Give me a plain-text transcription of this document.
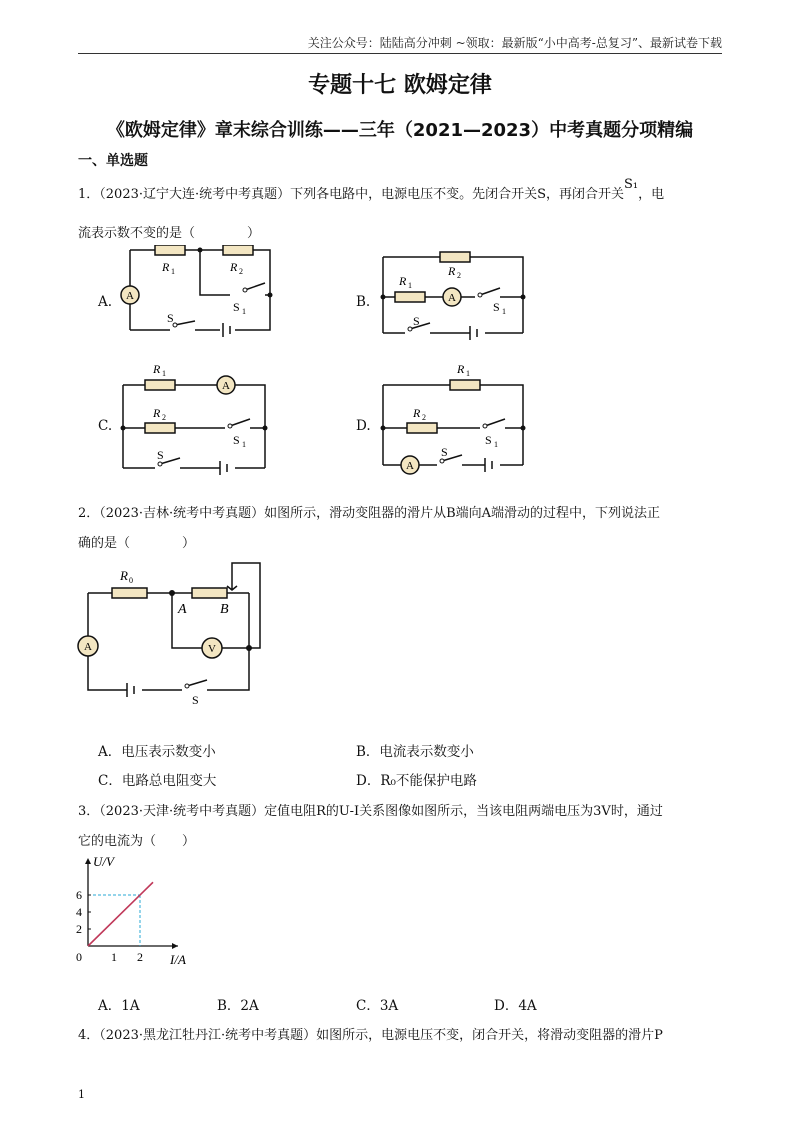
关注公众号：陆陆高分冲刺 ~领取：最新版“小中高考-总复习”、最新试卷下载
专题十七 欧姆定律
《欧姆定律》章末综合训练——三年（2021—2023）中考真题分项精编
一、单选题
1．（2023·辽宁大连·统考中考真题）下列各电路中，电源电压不变。先闭合开关S，再闭合开关S₁，电
流表示数不变的是（　　　　）
A. A
R 1	R 2
S 1
S
B.	A
R 2
R 1
S 1
S
C.
A
R 1
R 2
S 1
S
D.
A
R 1
R 2
S 1
S
2．（2023·吉林·统考中考真题）如图所示，滑动变阻器的滑片从B端向A端滑动的过程中，下列说法正
确的是（　　　　）
A	V
R 0
A B
S
A．电压表示数变小	B．电流表示数变小
C．电路总电阻变大	D．R₀不能保护电路
3．（2023·天津·统考中考真题）定值电阻R的U-I关系图像如图所示，当该电阻两端电压为3V时，通过
它的电流为（　　）
0 1 2
2
4
6
U/V
I/A
A．1A	B．2A	C．3A	D．4A
4．（2023·黑龙江牡丹江·统考中考真题）如图所示，电源电压不变，闭合开关，将滑动变阻器的滑片P
1
